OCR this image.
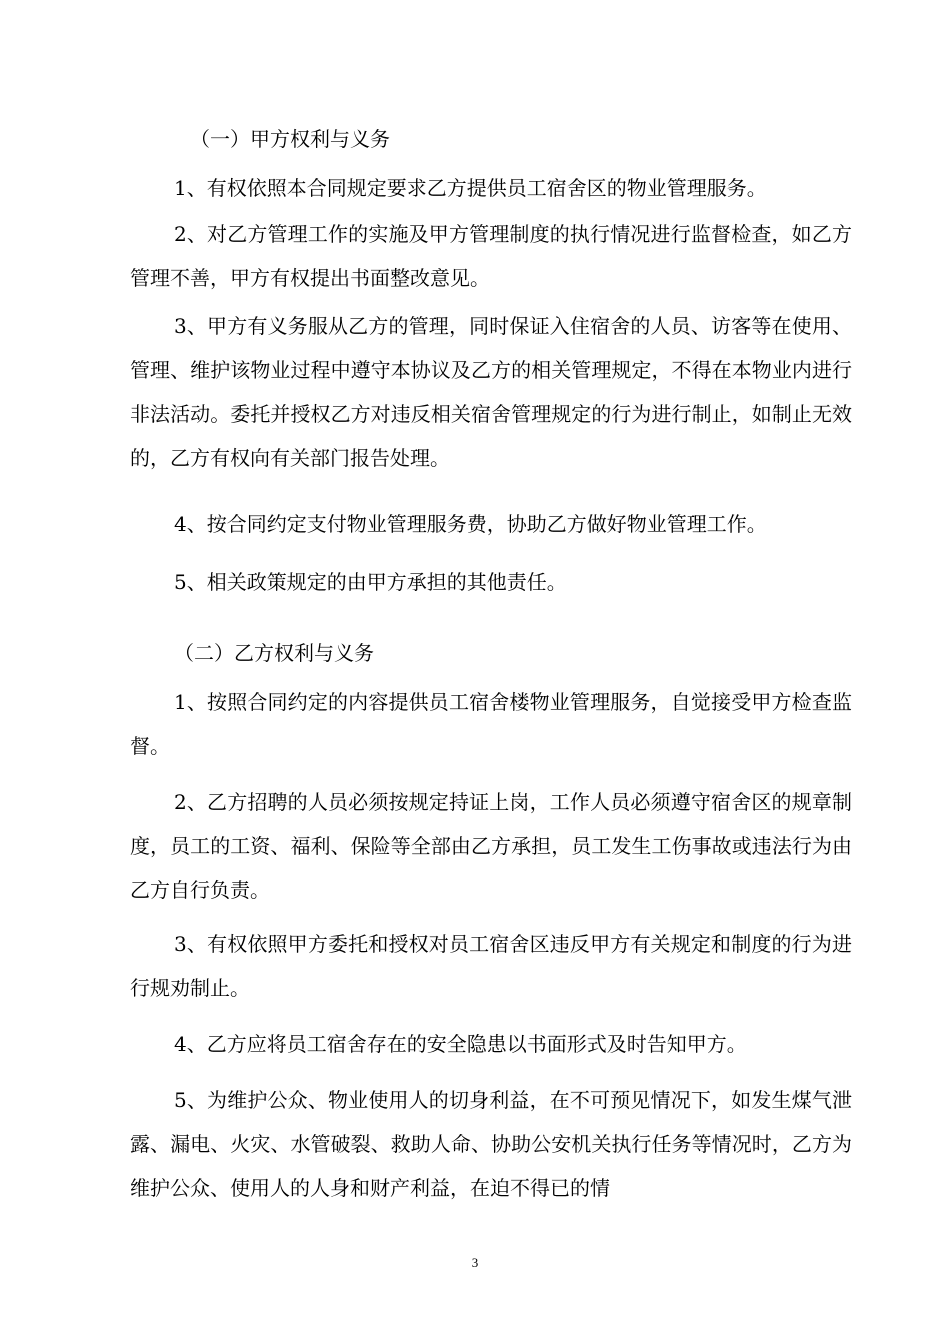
（一）甲方权利与义务
1、有权依照本合同规定要求乙方提供员工宿舍区的物业管理服务。
2、对乙方管理工作的实施及甲方管理制度的执行情况进行监督检查，如乙方管理不善，甲方有权提出书面整改意见。
3、甲方有义务服从乙方的管理，同时保证入住宿舍的人员、访客等在使用、管理、维护该物业过程中遵守本协议及乙方的相关管理规定，不得在本物业内进行非法活动。委托并授权乙方对违反相关宿舍管理规定的行为进行制止，如制止无效的，乙方有权向有关部门报告处理。
4、按合同约定支付物业管理服务费，协助乙方做好物业管理工作。
5、相关政策规定的由甲方承担的其他责任。
（二）乙方权利与义务
1、按照合同约定的内容提供员工宿舍楼物业管理服务，自觉接受甲方检查监督。
2、乙方招聘的人员必须按规定持证上岗，工作人员必须遵守宿舍区的规章制度，员工的工资、福利、保险等全部由乙方承担，员工发生工伤事故或违法行为由乙方自行负责。
3、有权依照甲方委托和授权对员工宿舍区违反甲方有关规定和制度的行为进行规劝制止。
4、乙方应将员工宿舍存在的安全隐患以书面形式及时告知甲方。
5、为维护公众、物业使用人的切身利益，在不可预见情况下，如发生煤气泄露、漏电、火灾、水管破裂、救助人命、协助公安机关执行任务等情况时，乙方为维护公众、使用人的人身和财产利益，在迫不得已的情
3
